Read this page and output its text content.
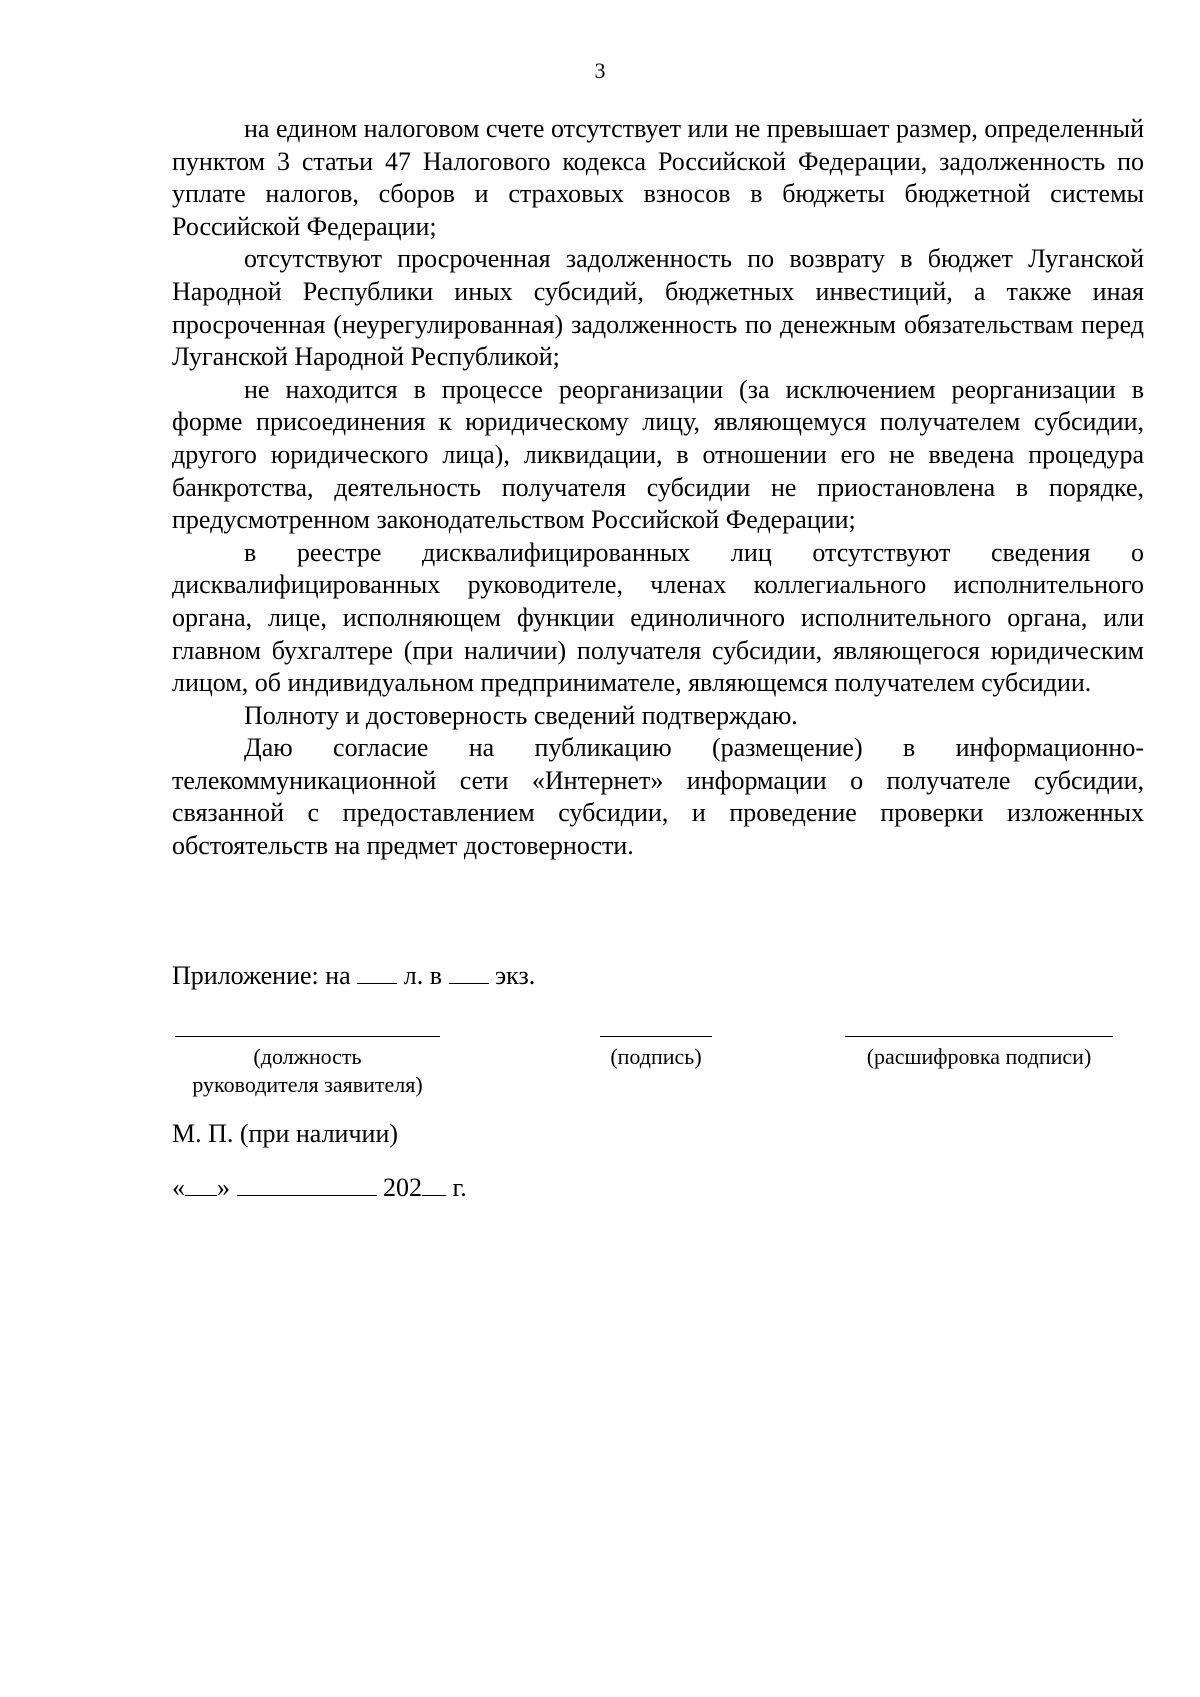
3

на едином налоговом счете отсутствует или не превышает размер, определенный пунктом 3 статьи 47 Налогового кодекса Российской Федерации, задолженность по уплате налогов, сборов и страховых взносов в бюджеты бюджетной системы Российской Федерации;

отсутствуют просроченная задолженность по возврату в бюджет Луганской Народной Республики иных субсидий, бюджетных инвестиций, а также иная просроченная (неурегулированная) задолженность по денежным обязательствам перед Луганской Народной Республикой;

не находится в процессе реорганизации (за исключением реорганизации в форме присоединения к юридическому лицу, являющемуся получателем субсидии, другого юридического лица), ликвидации, в отношении его не введена процедура банкротства, деятельность получателя субсидии не приостановлена в порядке, предусмотренном законодательством Российской Федерации;

в реестре дисквалифицированных лиц отсутствуют сведения о дисквалифицированных руководителе, членах коллегиального исполнительного органа, лице, исполняющем функции единоличного исполнительного органа, или главном бухгалтере (при наличии) получателя субсидии, являющегося юридическим лицом, об индивидуальном предпринимателе, являющемся получателем субсидии.

Полноту и достоверность сведений подтверждаю.

Даю согласие на публикацию (размещение) в информационно-телекоммуникационной сети «Интернет» информации о получателе субсидии, связанной с предоставлением субсидии, и проведение проверки изложенных обстоятельств на предмет достоверности.

Приложение: на л. в экз.
(должность
руководителя заявителя)
(подпись)	(расшифровка подписи)
М. П. (при наличии)
« »	202 г.
